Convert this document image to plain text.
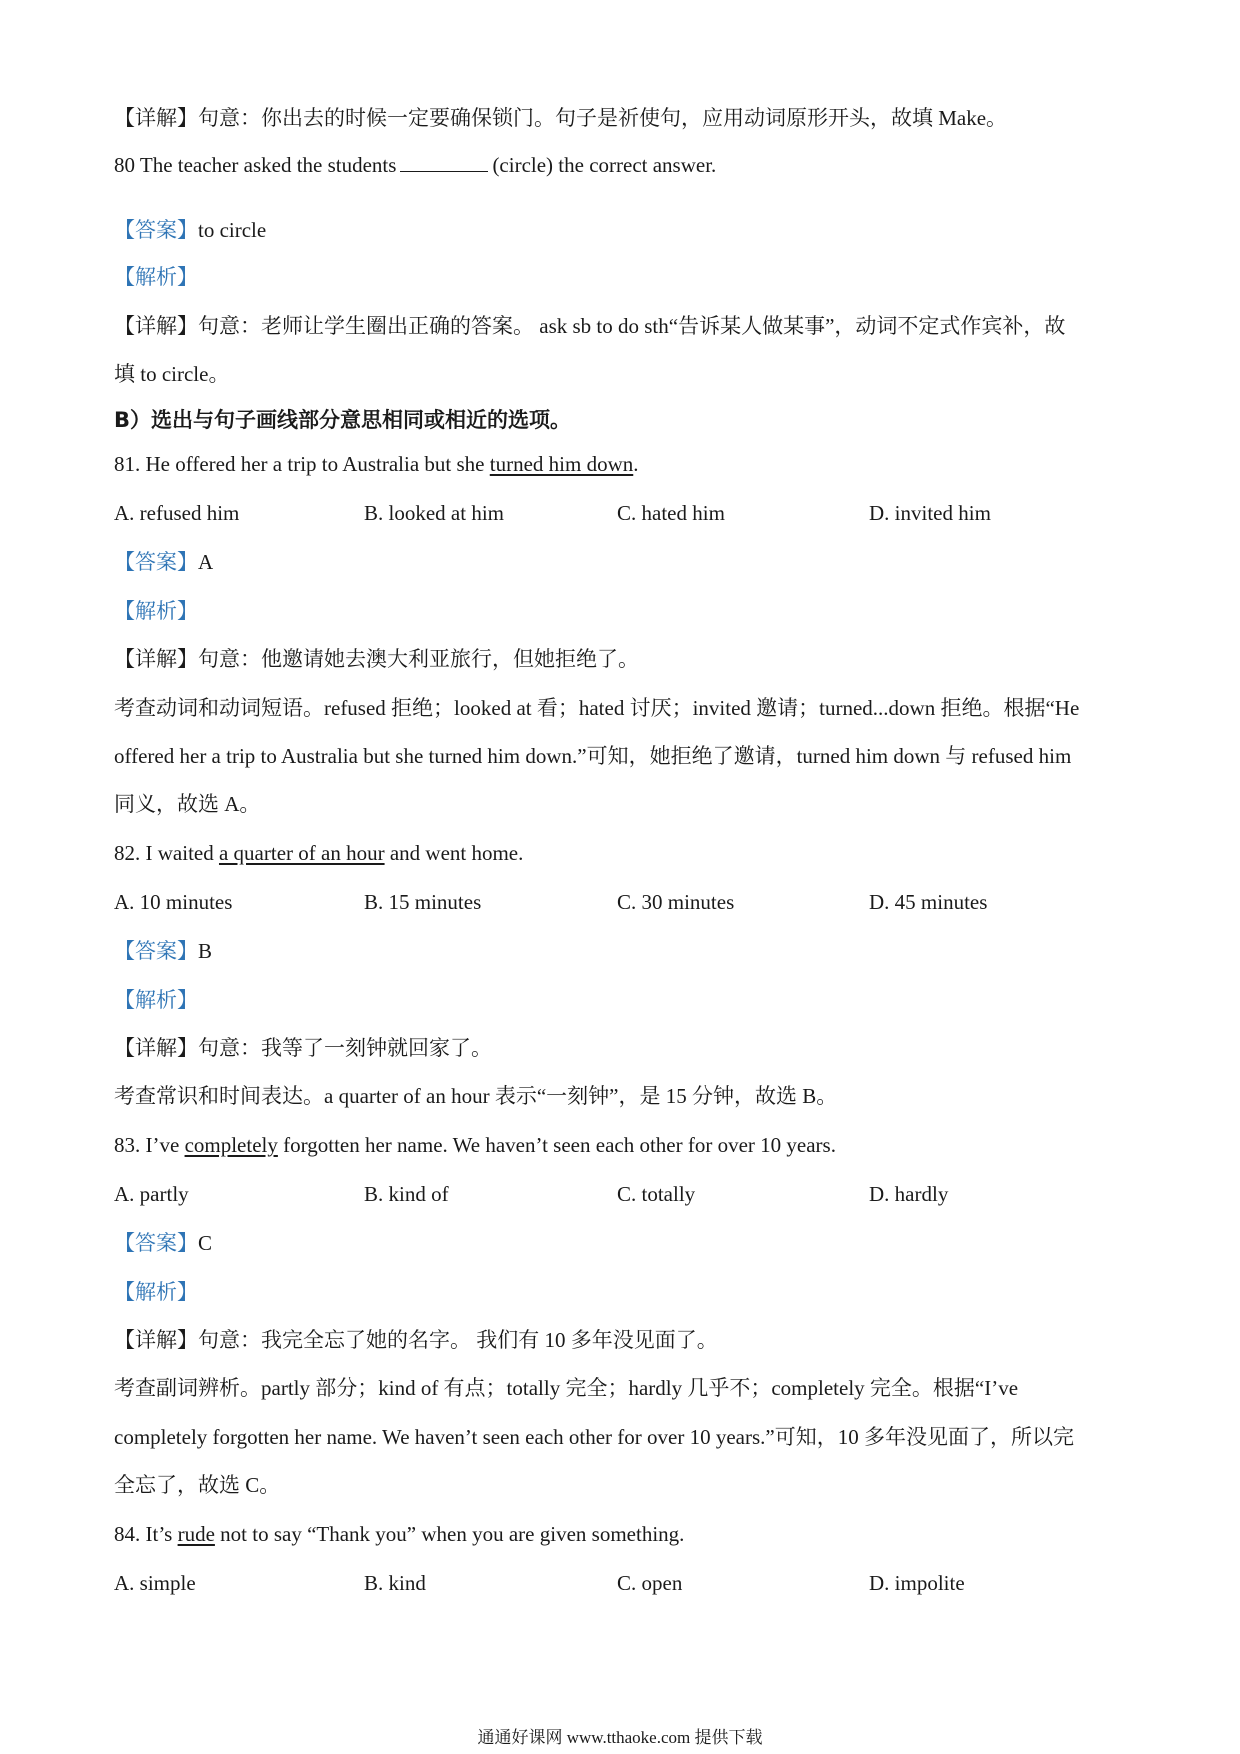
【详解】句意：你出去的时候一定要确保锁门。句子是祈使句，应用动词原形开头，故填 Make。
80 The teacher asked the students	(circle) the correct answer.
【答案】to circle
【解析】
【详解】句意：老师让学生圈出正确的答案。 ask sb to do sth“告诉某人做某事”，动词不定式作宾补，故
填 to circle。
B）选出与句子画线部分意思相同或相近的选项。
81. He offered her a trip to Australia but she turned him down.
A. refused him	B. looked at him	C. hated him	D. invited him
【答案】A
【解析】
【详解】句意：他邀请她去澳大利亚旅行，但她拒绝了。
考查动词和动词短语。refused 拒绝；looked at 看；hated 讨厌；invited 邀请；turned...down 拒绝。根据“He
offered her a trip to Australia but she turned him down.”可知，她拒绝了邀请，turned him down 与 refused him
同义，故选 A。
82. I waited a quarter of an hour and went home.
A. 10 minutes	B. 15 minutes	C. 30 minutes	D. 45 minutes
【答案】B
【解析】
【详解】句意：我等了一刻钟就回家了。
考查常识和时间表达。a quarter of an hour 表示“一刻钟”，是 15 分钟，故选 B。
83. I’ve completely forgotten her name. We haven’t seen each other for over 10 years.
A. partly	B. kind of	C. totally	D. hardly
【答案】C
【解析】
【详解】句意：我完全忘了她的名字。 我们有 10 多年没见面了。
考查副词辨析。partly 部分；kind of 有点；totally 完全；hardly 几乎不；completely 完全。根据“I’ve
completely forgotten her name. We haven’t seen each other for over 10 years.”可知，10 多年没见面了，所以完
全忘了，故选 C。
84. It’s rude not to say “Thank you” when you are given something.
A. simple	B. kind	C. open	D. impolite
通通好课网 www.tthaoke.com 提供下载
